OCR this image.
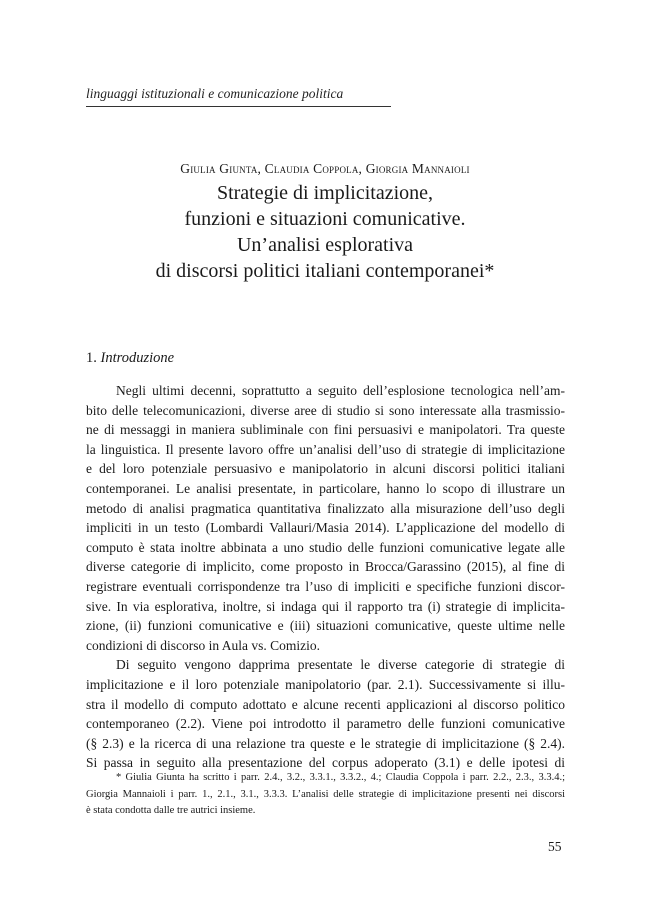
linguaggi istituzionali e comunicazione politica
Giulia Giunta, Claudia Coppola, Giorgia Mannaioli
Strategie di implicitazione,
funzioni e situazioni comunicative.
Un’analisi esplorativa
di discorsi politici italiani contemporanei*
1. Introduzione
Negli ultimi decenni, soprattutto a seguito dell’esplosione tecnologica nell’am-
bito delle telecomunicazioni, diverse aree di studio si sono interessate alla trasmissio-
ne di messaggi in maniera subliminale con fini persuasivi e manipolatori. Tra queste
la linguistica. Il presente lavoro offre un’analisi dell’uso di strategie di implicitazione
e del loro potenziale persuasivo e manipolatorio in alcuni discorsi politici italiani
contemporanei. Le analisi presentate, in particolare, hanno lo scopo di illustrare un
metodo di analisi pragmatica quantitativa finalizzato alla misurazione dell’uso degli
impliciti in un testo (Lombardi Vallauri/Masia 2014). L’applicazione del modello di
computo è stata inoltre abbinata a uno studio delle funzioni comunicative legate alle
diverse categorie di implicito, come proposto in Brocca/Garassino (2015), al fine di
registrare eventuali corrispondenze tra l’uso di impliciti e specifiche funzioni discor-
sive. In via esplorativa, inoltre, si indaga qui il rapporto tra (i) strategie di implicita-
zione, (ii) funzioni comunicative e (iii) situazioni comunicative, queste ultime nelle
condizioni di discorso in Aula vs. Comizio.
Di seguito vengono dapprima presentate le diverse categorie di strategie di
implicitazione e il loro potenziale manipolatorio (par. 2.1). Successivamente si illu-
stra il modello di computo adottato e alcune recenti applicazioni al discorso politico
contemporaneo (2.2). Viene poi introdotto il parametro delle funzioni comunicative
(§ 2.3) e la ricerca di una relazione tra queste e le strategie di implicitazione (§ 2.4).
Si passa in seguito alla presentazione del corpus adoperato (3.1) e delle ipotesi di
* Giulia Giunta ha scritto i parr. 2.4., 3.2., 3.3.1., 3.3.2., 4.; Claudia Coppola i parr. 2.2., 2.3., 3.3.4.;
Giorgia Mannaioli i parr. 1., 2.1., 3.1., 3.3.3. L’analisi delle strategie di implicitazione presenti nei discorsi
è stata condotta dalle tre autrici insieme.
55
